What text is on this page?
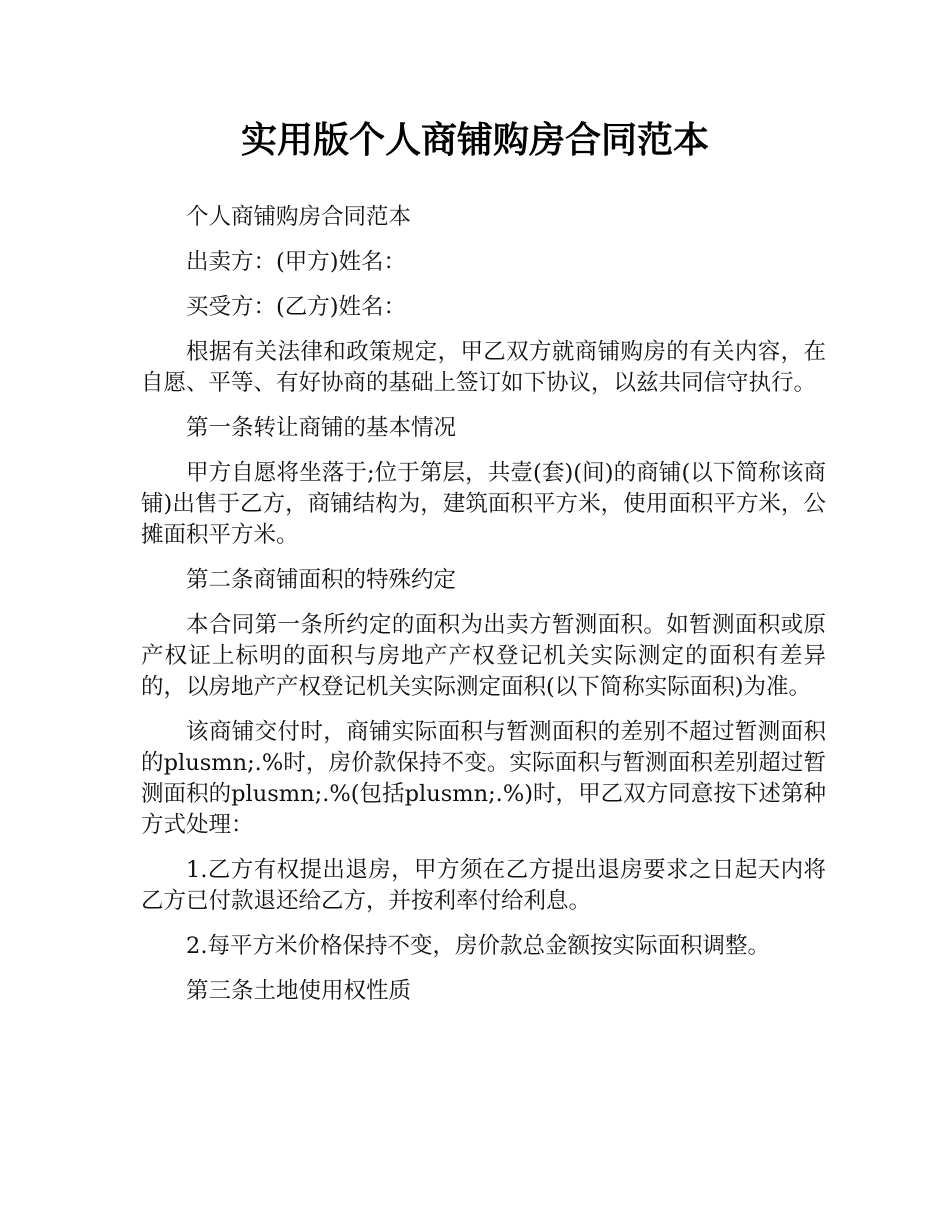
实用版个人商铺购房合同范本

个人商铺购房合同范本

出卖方：(甲方)姓名：

买受方：(乙方)姓名：

根据有关法律和政策规定，甲乙双方就商铺购房的有关内容，在自愿、平等、有好协商的基础上签订如下协议，以兹共同信守执行。

第一条转让商铺的基本情况

甲方自愿将坐落于;位于第层，共壹(套)(间)的商铺(以下简称该商铺)出售于乙方，商铺结构为，建筑面积平方米，使用面积平方米，公摊面积平方米。

第二条商铺面积的特殊约定

本合同第一条所约定的面积为出卖方暂测面积。如暂测面积或原产权证上标明的面积与房地产产权登记机关实际测定的面积有差异的，以房地产产权登记机关实际测定面积(以下简称实际面积)为准。

该商铺交付时，商铺实际面积与暂测面积的差别不超过暂测面积的plusmn;.%时，房价款保持不变。实际面积与暂测面积差别超过暂测面积的plusmn;.%(包括plusmn;.%)时，甲乙双方同意按下述第种方式处理：

1.乙方有权提出退房，甲方须在乙方提出退房要求之日起天内将乙方已付款退还给乙方，并按利率付给利息。

2.每平方米价格保持不变，房价款总金额按实际面积调整。

第三条土地使用权性质
